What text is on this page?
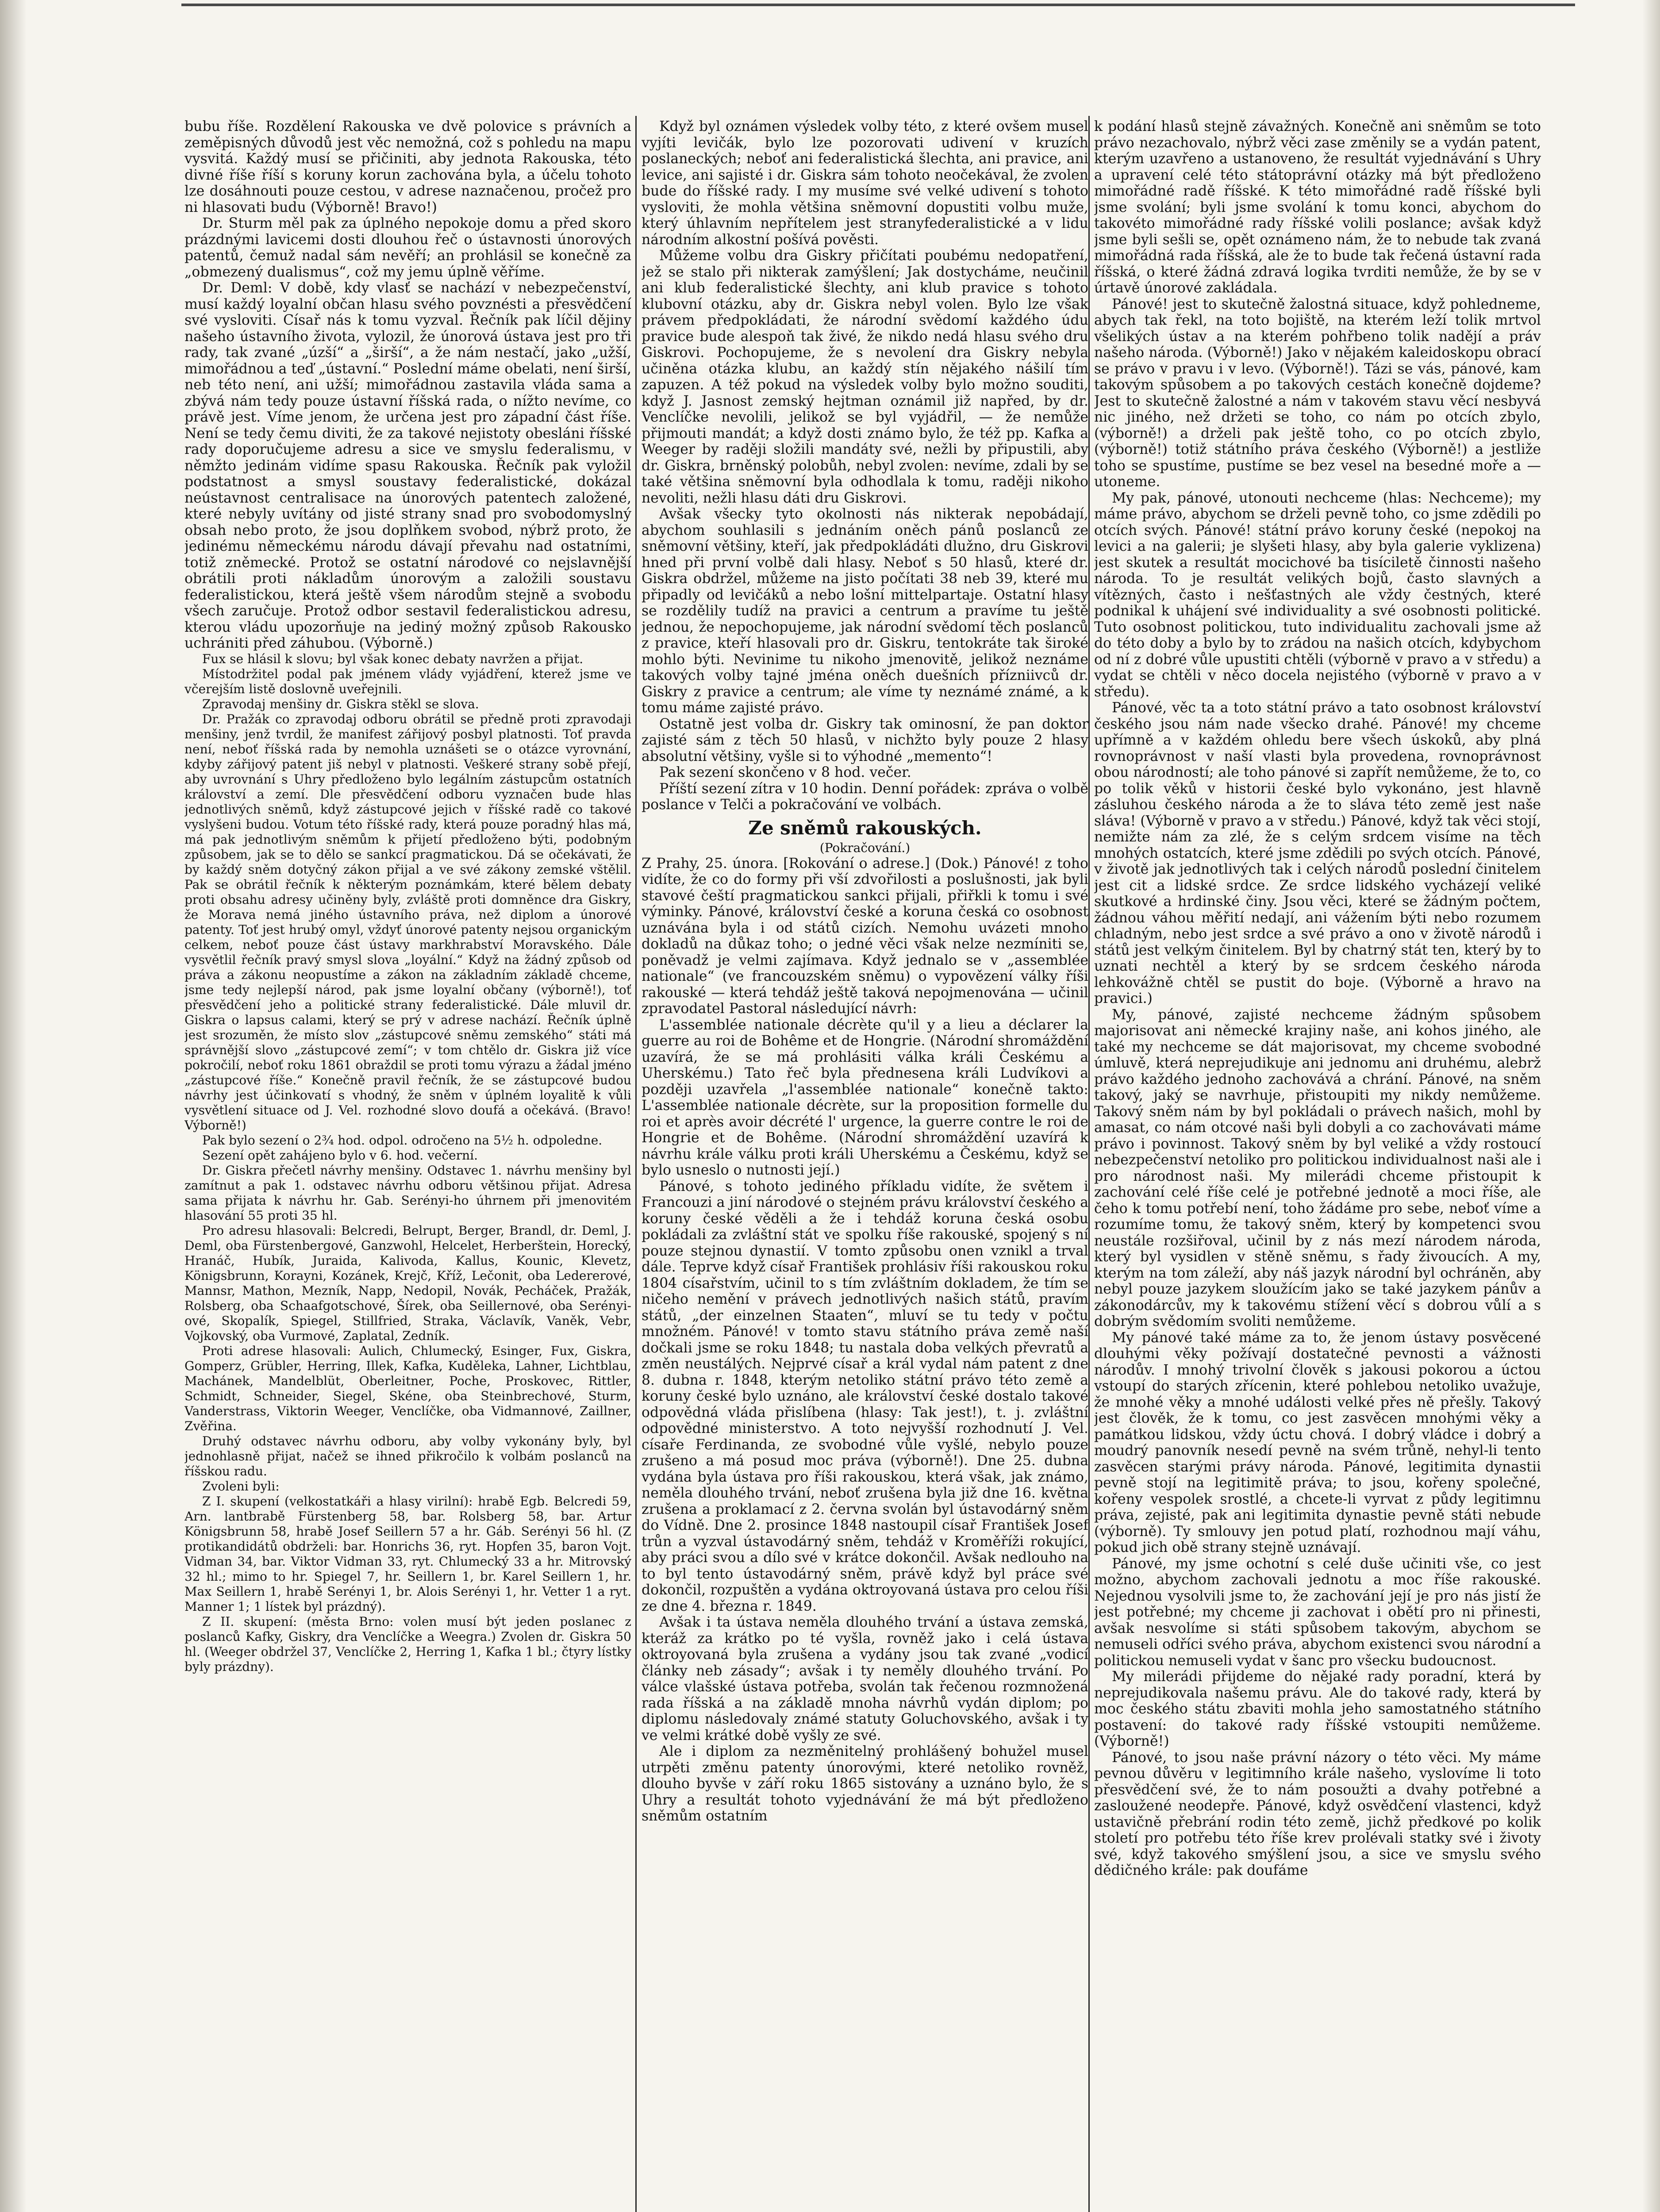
bubu říše. Rozdělení Rakouska ve dvě polovice s právních a zeměpisných důvodů jest věc nemožná, což s pohledu na mapu vysvitá. Každý musí se přičiniti, aby jednota Rakouska, této divné říše říší s koruny korun zachována byla, a účelu tohoto lze dosáhnouti pouze cestou, v adrese naznačenou, pročež pro ni hlasovati budu (Výborně! Bravo!)

Dr. Sturm měl pak za úplného nepokoje domu a před skoro prázdnými lavicemi dosti dlouhou řeč o ústavnosti únorových patentů, čemuž nadal sám nevěří; an prohlásil se konečně za „obmezený dualismus“, což my jemu úplně věříme.

Dr. Deml: V době, kdy vlasť se nachází v nebezpečenství, musí každý loyalní občan hlasu svého povznésti a přesvědčení své vysloviti. Císař nás k tomu vyzval. Řečník pak líčil dějiny našeho ústavního života, vylozil, že únorová ústava jest pro tři rady, tak zvané „úzší“ a „širší“, a že nám nestačí, jako „užší, mimořádnou a teď „ústavní.“ Poslední máme obelati, není širší, neb této není, ani užší; mimořádnou zastavila vláda sama a zbývá nám tedy pouze ústavní říšská rada, o nížto nevíme, co právě jest. Víme jenom, že určena jest pro západní část říše. Není se tedy čemu diviti, že za takové nejistoty obesláni říšské rady doporučujeme adresu a sice ve smyslu federalismu, v němžto jedinám vidíme spasu Rakouska. Řečník pak vyložil podstatnost a smysl soustavy federalistické, dokázal neústavnost centralisace na únorových patentech založené, které nebyly uvítány od jisté strany snad pro svobodomyslný obsah nebo proto, že jsou doplňkem svobod, nýbrž proto, že jedinému německému národu dávají převahu nad ostatními, totiž zněmecké. Protož se ostatní národové co nejslavnější obrátili proti nákladům únorovým a založili soustavu federalistickou, která ještě všem národům stejně a svobodu všech zaručuje. Protož odbor sestavil federalistickou adresu, kterou vládu upozorňuje na jediný možný způsob Rakousko uchrániti před záhubou. (Výborně.)

Fux se hlásil k slovu; byl však konec debaty navržen a přijat.

Místodržitel podal pak jménem vlády vyjádření, kterež jsme ve včerejším listě doslovně uveřejnili.

Zpravodaj menšiny dr. Giskra stěkl se slova.

Dr. Pražák co zpravodaj odboru obrátil se předně proti zpravodaji menšiny, jenž tvrdil, že manifest zářijový posbyl platnosti. Toť pravda není, neboť říšská rada by nemohla uznášeti se o otázce vyrovnání, kdyby zářijový patent jiš nebyl v platnosti. Veškeré strany sobě přejí, aby uvrovnání s Uhry předloženo bylo legálním zástupcům ostatních království a zemí. Dle přesvědčení odboru vyznačen bude hlas jednotlivých sněmů, když zástupcové jejich v říšské radě co takové vyslyšeni budou. Votum této říšské rady, která pouze poradný hlas má, má pak jednotlivým sněmům k přijetí předloženo býti, podobným způsobem, jak se to dělo se sankcí pragmatickou. Dá se očekávati, že by každý sněm dotyčný zákon přijal a ve své zákony zemské vštělil. Pak se obrátil řečník k některým poznámkám, které bělem debaty proti obsahu adresy učiněny byly, zvláště proti domněnce dra Giskry, že Morava nemá jiného ústavního práva, než diplom a únorové patenty. Toť jest hrubý omyl, vždyť únorové patenty nejsou organickým celkem, neboť pouze část ústavy markhrabství Moravského. Dále vysvětlil řečník pravý smysl slova „loyální.“ Když na žádný způsob od práva a zákonu neopustíme a zákon na základním základě chceme, jsme tedy nejlepší národ, pak jsme loyalní občany (výborně!), toť přesvědčení jeho a politické strany federalistické. Dále mluvil dr. Giskra o lapsus calami, který se prý v adrese nachází. Řečník úplně jest srozuměn, že místo slov „zástupcové sněmu zemského“ státi má správnější slovo „zástupcové zemí“; v tom chtělo dr. Giskra již více pokročilí, neboť roku 1861 obraždil se proti tomu výrazu a žádal jméno „zástupcové říše.“ Konečně pravil řečník, že se zástupcové budou návrhy jest účinkovatí s vhodný, že sněm v úplném loyalitě k vůli vysvětlení situace od J. Vel. rozhodné slovo doufá a očekává. (Bravo! Výborně!)

Pak bylo sezení o 2¾ hod. odpol. odročeno na 5½ h. odpoledne.

Sezení opět zahájeno bylo v 6. hod. večerní.

Dr. Giskra přečetl návrhy menšiny. Odstavec 1. návrhu menšiny byl zamítnut a pak 1. odstavec návrhu odboru většinou přijat. Adresa sama přijata k návrhu hr. Gab. Serényi-ho úhrnem při jmenovitém hlasování 55 proti 35 hl.

Pro adresu hlasovali: Belcredi, Belrupt, Berger, Brandl, dr. Deml, J. Deml, oba Fürstenbergové, Ganzwohl, Helcelet, Herberštein, Horecký, Hranáč, Hubík, Juraida, Kalivoda, Kallus, Kounic, Klevetz, Königsbrunn, Korayni, Kozánek, Krejč, Kříž, Lečonit, oba Ledererové, Mannsr, Mathon, Mezník, Napp, Nedopil, Novák, Pecháček, Pražák, Rolsberg, oba Schaafgotschové, Šírek, oba Seillernové, oba Serényi-ové, Skopalík, Spiegel, Stillfried, Straka, Václavík, Vaněk, Vebr, Vojkovský, oba Vurmové, Zaplatal, Zedník.

Proti adrese hlasovali: Aulich, Chlumecký, Esinger, Fux, Giskra, Gomperz, Grübler, Herring, Illek, Kafka, Kuděleka, Lahner, Lichtblau, Machánek, Mandelblüt, Oberleitner, Poche, Proskovec, Rittler, Schmidt, Schneider, Siegel, Skéne, oba Steinbrechové, Sturm, Vanderstrass, Viktorin Weeger, Venclíčke, oba Vidmannové, Zaillner, Zvěřina.

Druhý odstavec návrhu odboru, aby volby vykonány byly, byl jednohlasně přijat, načež se ihned přikročilo k volbám poslanců na říšskou radu.

Zvoleni byli:

Z I. skupení (velkostatkáři a hlasy virilní): hrabě Egb. Belcredi 59, Arn. lantbrabě Fürstenberg 58, bar. Rolsberg 58, bar. Artur Königsbrunn 58, hrabě Josef Seillern 57 a hr. Gáb. Serényi 56 hl. (Z protikandidátů obdrželi: bar. Honrichs 36, ryt. Hopfen 35, baron Vojt. Vidman 34, bar. Viktor Vidman 33, ryt. Chlumecký 33 a hr. Mitrovský 32 hl.; mimo to hr. Spiegel 7, hr. Seillern 1, br. Karel Seillern 1, hr. Max Seillern 1, hrabě Serényi 1, br. Alois Serényi 1, hr. Vetter 1 a ryt. Manner 1; 1 lístek byl prázdný).

Z II. skupení: (města Brno: volen musí být jeden poslanec z poslanců Kafky, Giskry, dra Venclíčke a Weegra.) Zvolen dr. Giskra 50 hl. (Weeger obdržel 37, Venclíčke 2, Herring 1, Kafka 1 bl.; čtyry lístky byly prázdny).

Když byl oznámen výsledek volby této, z které ovšem musel vyjíti levičák, bylo lze pozorovati udivení v kruzích poslaneckých; neboť ani federalistická šlechta, ani pravice, ani levice, ani sajisté i dr. Giskra sám tohoto neočekával, že zvolen bude do říšské rady. I my musíme své velké udivení s tohoto vysloviti, že mohla většina sněmovní dopustiti volbu muže, který úhlavním nepřítelem jest stranyfederalistické a v lidu národním alkostní pošívá pověsti.

Můžeme volbu dra Giskry přičítati poubému nedopatření, jež se stalo při nikterak zamýšlení; Jak dostycháme, neučinil ani klub federalistické šlechty, ani klub pravice s tohoto klubovní otázku, aby dr. Giskra nebyl volen. Bylo lze však právem předpokládati, že národní svědomí každého údu pravice bude alespoň tak živé, že nikdo nedá hlasu svého dru Giskrovi. Pochopujeme, že s nevolení dra Giskry nebyla učiněna otázka klubu, an každý stín nějakého nášilí tím zapuzen. A též pokud na výsledek volby bylo možno souditi, když J. Jasnost zemský hejtman oznámil již napřed, by dr. Venclíčke nevolili, jelikož se byl vyjádřil, — že nemůže přijmouti mandát; a když dosti známo bylo, že též pp. Kafka a Weeger by raději složili mandáty své, nežli by připustili, aby dr. Giskra, brněnský polobůh, nebyl zvolen: nevíme, zdali by se také většina sněmovní byla odhodlala k tomu, raději nikoho nevoliti, nežli hlasu dáti dru Giskrovi.

Avšak všecky tyto okolnosti nás nikterak nepobádají, abychom souhlasili s jednáním oněch pánů poslanců ze sněmovní většiny, kteří, jak předpokládáti dlužno, dru Giskrovi hned při první volbě dali hlasy. Neboť s 50 hlasů, které dr. Giskra obdržel, můžeme na jisto počítati 38 neb 39, které mu připadly od levičáků a nebo lošní mittelpartaje. Ostatní hlasy se rozdělily tudíž na pravici a centrum a pravíme tu ještě jednou, že nepochopujeme, jak národní svědomí těch poslanců z pravice, kteří hlasovali pro dr. Giskru, tentokráte tak široké mohlo býti. Nevinime tu nikoho jmenovitě, jelikož neznáme takových volby tajné jména oněch duešních přízniivců dr. Giskry z pravice a centrum; ale víme ty neznámé známé, a k tomu máme zajisté právo.

Ostatně jest volba dr. Giskry tak ominosní, že pan doktor zajisté sám z těch 50 hlasů, v nichžto byly pouze 2 hlasy absolutní většiny, vyšle si to výhodné „memento“!

Pak sezení skončeno v 8 hod. večer.

Příští sezení zítra v 10 hodin. Denní pořádek: zpráva o volbě poslance v Telči a pokračování ve volbách.

Ze sněmů rakouských.

(Pokračování.)

Z Prahy, 25. února. [Rokování o adrese.] (Dok.) Pánové! z toho vidíte, že co do formy při vší zdvořilosti a poslušnosti, jak byli stavové čeští pragmatickou sankci přijali, přiřkli k tomu i své výminky. Pánové, království české a koruna česká co osobnost uznávána byla i od států cizích. Nemohu uvázeti mnoho dokladů na důkaz toho; o jedné věci však nelze nezmíniti se, poněvadž je velmi zajímava. Když jednalo se v „assemblée nationale“ (ve francouzském sněmu) o vypovězení války říši rakouské — která tehdáž ještě taková nepojmenována — učinil zpravodatel Pastoral následující návrh:

L'assemblée nationale décrète qu'il y a lieu a déclarer la guerre au roi de Bohême et de Hongrie. (Národní shromáždění uzavírá, že se má prohlásiti válka králi Českému a Uherskému.) Tato řeč byla přednesena králi Ludvíkovi a později uzavřela „l'assemblée nationale“ konečně takto: L'assemblée nationale décrète, sur la proposition formelle du roi et après avoir décrété l' urgence, la guerre contre le roi de Hongrie et de Bohême. (Národní shromáždění uzavírá k návrhu krále válku proti králi Uherskému a Českému, když se bylo usneslo o nutnosti její.)

Pánové, s tohoto jediného příkladu vidíte, že světem i Francouzi a jiní národové o stejném právu království českého a koruny české věděli a že i tehdáž koruna česká osobu pokládali za zvláštní stát ve spolku říše rakouské, spojený s ní pouze stejnou dynastií. V tomto způsobu onen vznikl a trval dále. Teprve když císař František prohlásiv říši rakouskou roku 1804 císařstvím, učinil to s tím zvláštním dokladem, že tím se ničeho nemění v právech jednotlivých našich států, pravím států, „der einzelnen Staaten“, mluví se tu tedy v počtu množném. Pánové! v tomto stavu státního práva země naší dočkali jsme se roku 1848; tu nastala doba velkých převratů a změn neustálých. Nejprvé císař a král vydal nám patent z dne 8. dubna r. 1848, kterým netoliko státní právo této země a koruny české bylo uznáno, ale království české dostalo takové odpovědná vláda přislíbena (hlasy: Tak jest!), t. j. zvláštní odpovědné ministerstvo. A toto nejvyšší rozhodnutí J. Vel. císaře Ferdinanda, ze svobodné vůle vyšlé, nebylo pouze zrušeno a má posud moc práva (výborně!). Dne 25. dubna vydána byla ústava pro říši rakouskou, která však, jak známo, neměla dlouhého trvání, neboť zrušena byla již dne 16. května zrušena a proklamací z 2. června svolán byl ústavodárný sněm do Vídně. Dne 2. prosince 1848 nastoupil císař František Josef trůn a vyzval ústavodárný sněm, tehdáž v Kroměříži rokující, aby práci svou a dílo své v krátce dokončil. Avšak nedlouho na to byl tento ústavodárný sněm, právě když byl práce své dokončil, rozpuštěn a vydána oktroyovaná ústava pro celou říši ze dne 4. března r. 1849.

Avšak i ta ústava neměla dlouhého trvání a ústava zemská, kteráž za krátko po té vyšla, rovněž jako i celá ústava oktroyovaná byla zrušena a vydány jsou tak zvané „vodicí články neb zásady“; avšak i ty neměly dlouhého trvání. Po válce vlašské ústava potřeba, svolán tak řečenou rozmnožená rada říšská a na základě mnoha návrhů vydán diplom; po diplomu následovaly známé statuty Goluchovského, avšak i ty ve velmi krátké době vyšly ze své.

Ale i diplom za nezměnitelný prohlášený bohužel musel utrpěti změnu patenty únorovými, které netoliko rovněž, dlouho byvše v září roku 1865 sistovány a uznáno bylo, že s Uhry a resultát tohoto vyjednávání že má být předloženo sněmům ostatním

k podání hlasů stejně závažných. Konečně ani sněmům se toto právo nezachovalo, nýbrž věci zase změnily se a vydán patent, kterým uzavřeno a ustanoveno, že resultát vyjednávání s Uhry a upravení celé této státoprávní otázky má být předloženo mimořádné radě říšské. K této mimořádné radě říšské byli jsme svolání; byli jsme svolání k tomu konci, abychom do takovéto mimořádné rady říšské volili poslance; avšak když jsme byli sešli se, opět oznámeno nám, že to nebude tak zvaná mimořádná rada říšská, ale že to bude tak řečená ústavní rada říšská, o které žádná zdravá logika tvrditi nemůže, že by se v úrtavě únorové zakládala.

Pánové! jest to skutečně žalostná situace, když pohledneme, abych tak řekl, na toto bojiště, na kterém leží tolik mrtvol všelikých ústav a na kterém pohřbeno tolik nadějí a práv našeho národa. (Výborně!) Jako v nějakém kaleidoskopu obrací se právo v pravu i v levo. (Výborně!). Tázi se vás, pánové, kam takovým spůsobem a po takových cestách konečně dojdeme? Jest to skutečně žalostné a nám v takovém stavu věcí nesbyvá nic jiného, než držeti se toho, co nám po otcích zbylo, (výborně!) a drželi pak ještě toho, co po otcích zbylo, (výborně!) totiž státního práva českého (Výborně!) a jestliže toho se spustíme, pustíme se bez vesel na besedné moře a — utoneme.

My pak, pánové, utonouti nechceme (hlas: Nechceme); my máme právo, abychom se drželi pevně toho, co jsme zdědili po otcích svých. Pánové! státní právo koruny české (nepokoj na levici a na galerii; je slyšeti hlasy, aby byla galerie vyklizena) jest skutek a resultát mocichové ba tisíciletě činnosti našeho národa. To je resultát velikých bojů, často slavných a vítězných, často i nešťastných ale vždy čestných, které podnikal k uhájení své individuality a své osobnosti politické. Tuto osobnost politickou, tuto individualitu zachovali jsme až do této doby a bylo by to zrádou na našich otcích, kdybychom od ní z dobré vůle upustiti chtěli (výborně v pravo a v středu) a vydat se chtěli v něco docela nejistého (výborně v pravo a v středu).

Pánové, věc ta a toto státní právo a tato osobnost království českého jsou nám nade všecko drahé. Pánové! my chceme upřímně a v každém ohledu bere všech úskoků, aby plná rovnoprávnost v naší vlasti byla provedena, rovnoprávnost obou národností; ale toho pánové si zapřít nemůžeme, že to, co po tolik věků v historii české bylo vykonáno, jest hlavně zásluhou českého národa a že to sláva této země jest naše sláva! (Výborně v pravo a v středu.) Pánové, když tak věci stojí, nemižte nám za zlé, že s celým srdcem visíme na těch mnohých ostatcích, které jsme zdědili po svých otcích. Pánové, v životě jak jednotlivých tak i celých národů poslední činitelem jest cit a lidské srdce. Ze srdce lidského vycházejí veliké skutkové a hrdinské činy. Jsou věci, které se žádným počtem, žádnou váhou měřití nedají, ani vážením býti nebo rozumem chladným, nebo jest srdce a své právo a ono v životě národů i států jest velkým činitelem. Byl by chatrný stát ten, který by to uznati nechtěl a který by se srdcem českého národa lehkovážně chtěl se pustit do boje. (Výborně a hravo na pravici.)

My, pánové, zajisté nechceme žádným spůsobem majorisovat ani německé krajiny naše, ani kohos jiného, ale také my nechceme se dát majorisovat, my chceme svobodné úmluvě, která neprejudikuje ani jednomu ani druhému, alebrž právo každého jednoho zachovává a chrání. Pánové, na sněm takový, jaký se navrhuje, přistoupiti my nikdy nemůžeme. Takový sněm nám by byl pokládali o právech našich, mohl by amasat, co nám otcové naši byli dobyli a co zachovávati máme právo i povinnost. Takový sněm by byl veliké a vždy rostoucí nebezpečenství netoliko pro politickou individualnost naši ale i pro národnost naši. My milerádi chceme přistoupit k zachování celé říše celé je potřebné jednotě a moci říše, ale čeho k tomu potřebí není, toho žádáme pro sebe, neboť víme a rozumíme tomu, že takový sněm, který by kompetenci svou neustále rozšiřoval, učinil by z nás mezí národem národa, který byl vysidlen v stěně sněmu, s řady živoucích. A my, kterým na tom záleží, aby náš jazyk národní byl ochráněn, aby nebyl pouze jazykem sloužícím jako se také jazykem pánův a zákonodárcův, my k takovému stížení věcí s dobrou vůlí a s dobrým svědomím svoliti nemůžeme.

My pánové také máme za to, že jenom ústavy posvěcené dlouhými věky požívají dostatečné pevnosti a vážnosti národův. I mnohý trivolní člověk s jakousi pokorou a úctou vstoupí do starých zřícenin, které pohlebou netoliko uvažuje, že mnohé věky a mnohé události velké přes ně přešly. Takový jest člověk, že k tomu, co jest zasvěcen mnohými věky a památkou lidskou, vždy úctu chová. I dobrý vládce i dobrý a moudrý panovník nesedí pevně na svém trůně, nehyl-li tento zasvěcen starými právy národa. Pánové, legitimita dynastii pevně stojí na legitimitě práva; to jsou, kořeny společné, kořeny vespolek srostlé, a chcete-li vyrvat z půdy legitimnu práva, zejisté, pak ani legitimita dynastie pevně státi nebude (výborně). Ty smlouvy jen potud platí, rozhodnou mají váhu, pokud jich obě strany stejně uznávají.

Pánové, my jsme ochotní s celé duše učiniti vše, co jest možno, abychom zachovali jednotu a moc říše rakouské. Nejednou vysolvili jsme to, že zachování její je pro nás jistí že jest potřebné; my chceme ji zachovat i obětí pro ni přinesti, avšak nesvolíme si státi spůsobem takovým, abychom se nemuseli odříci svého práva, abychom existenci svou národní a politickou nemuseli vydat v šanc pro všecku budoucnost.

My milerádi přijdeme do nějaké rady poradní, která by neprejudikovala našemu právu. Ale do takové rady, která by moc českého státu zbaviti mohla jeho samostatného státního postavení: do takové rady říšské vstoupiti nemůžeme. (Výborně!)

Pánové, to jsou naše právní názory o této věci. My máme pevnou důvěru v legitimního krále našeho, vyslovíme li toto přesvědčení své, že to nám posoužti a dvahy potřebné a zasloužené neodepře. Pánové, když osvědčení vlastenci, když ustavičně přebrání rodin této země, jichž předkové po kolik století pro potřebu této říše krev prolévali statky své i životy své, když takového smýšlení jsou, a sice ve smyslu svého dědičného krále: pak doufáme
